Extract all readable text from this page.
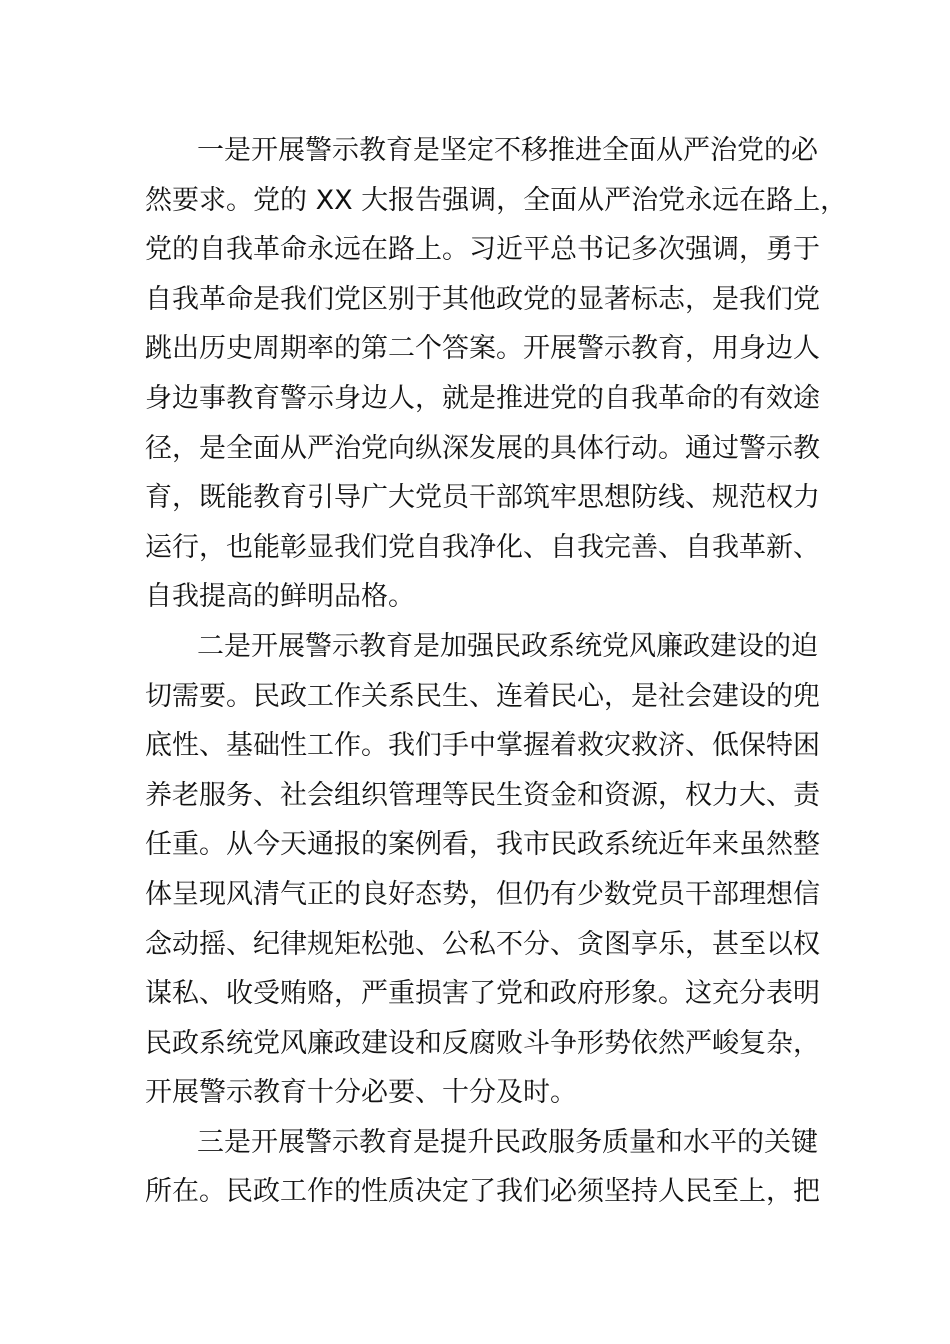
一是开展警示教育是坚定不移推进全面从严治党的必
然要求。党的 XX 大报告强调，全面从严治党永远在路上，
党的自我革命永远在路上。习近平总书记多次强调，勇于
自我革命是我们党区别于其他政党的显著标志，是我们党
跳出历史周期率的第二个答案。开展警示教育，用身边人
身边事教育警示身边人，就是推进党的自我革命的有效途
径，是全面从严治党向纵深发展的具体行动。通过警示教
育，既能教育引导广大党员干部筑牢思想防线、规范权力
运行，也能彰显我们党自我净化、自我完善、自我革新、
自我提高的鲜明品格。
二是开展警示教育是加强民政系统党风廉政建设的迫
切需要。民政工作关系民生、连着民心，是社会建设的兜
底性、基础性工作。我们手中掌握着救灾救济、低保特困
养老服务、社会组织管理等民生资金和资源，权力大、责
任重。从今天通报的案例看，我市民政系统近年来虽然整
体呈现风清气正的良好态势，但仍有少数党员干部理想信
念动摇、纪律规矩松弛、公私不分、贪图享乐，甚至以权
谋私、收受贿赂，严重损害了党和政府形象。这充分表明
民政系统党风廉政建设和反腐败斗争形势依然严峻复杂，
开展警示教育十分必要、十分及时。
三是开展警示教育是提升民政服务质量和水平的关键
所在。民政工作的性质决定了我们必须坚持人民至上，把
